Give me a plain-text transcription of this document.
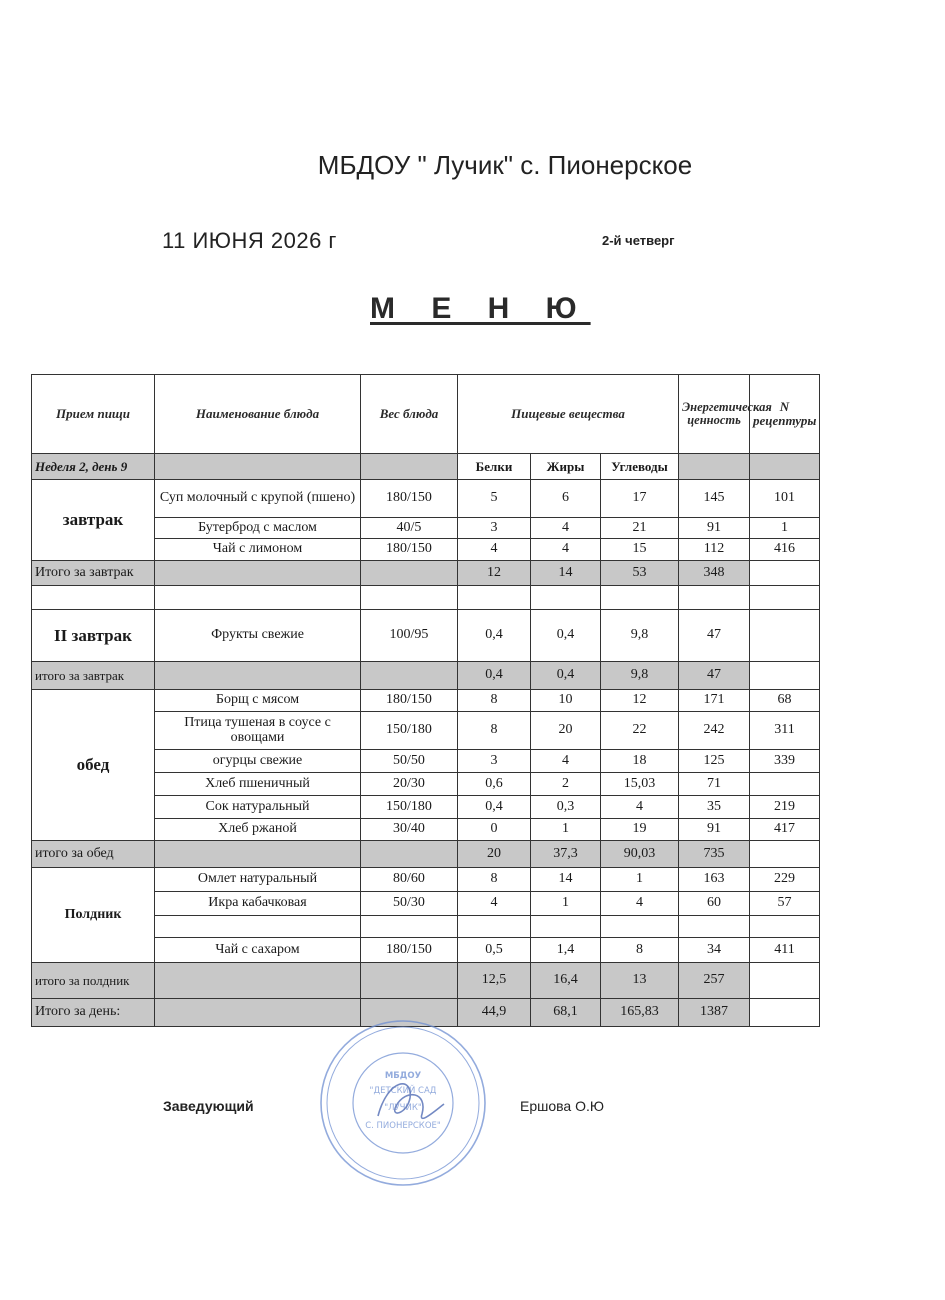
МБДОУ " Лучик" с. Пионерское
11 ИЮНЯ 2026 г	2-й четверг
М Е Н Ю
Прием пищи	Наименование блюда	Вес блюда	Пищевые вещества			Энергетическая ценность	N рецептуры
Неделя 2, день 9			Белки	Жиры	Углеводы		
завтрак	Суп молочный с крупой (пшено)	180/150	5	6	17	145	101
	Бутерброд с маслом	40/5	3	4	21	91	1
	Чай с лимоном	180/150	4	4	15	112	416
Итого за завтрак			12	14	53	348	

II завтрак	Фрукты свежие	100/95	0,4	0,4	9,8	47	
итого за завтрак			0,4	0,4	9,8	47	
обед	Борщ с мясом	180/150	8	10	12	171	68
	Птица тушеная в соусе с овощами	150/180	8	20	22	242	311
	огурцы свежие	50/50	3	4	18	125	339
	Хлеб пшеничный	20/30	0,6	2	15,03	71	
	Сок натуральный	150/180	0,4	0,3	4	35	219
	Хлеб ржаной	30/40	0	1	19	91	417
итого за обед			20	37,3	90,03	735	
Полдник	Омлет натуральный	80/60	8	14	1	163	229
	Икра кабачковая	50/30	4	1	4	60	57

	Чай с сахаром	180/150	0,5	1,4	8	34	411
итого за полдник			12,5	16,4	13	257	
Итого за день:			44,9	68,1	165,83	1387	
Заведующий	Ершова О.Ю
МБДОУ
"ДЕТСКИЙ САД
"ЛУЧИК"
С. ПИОНЕРСКОЕ"
